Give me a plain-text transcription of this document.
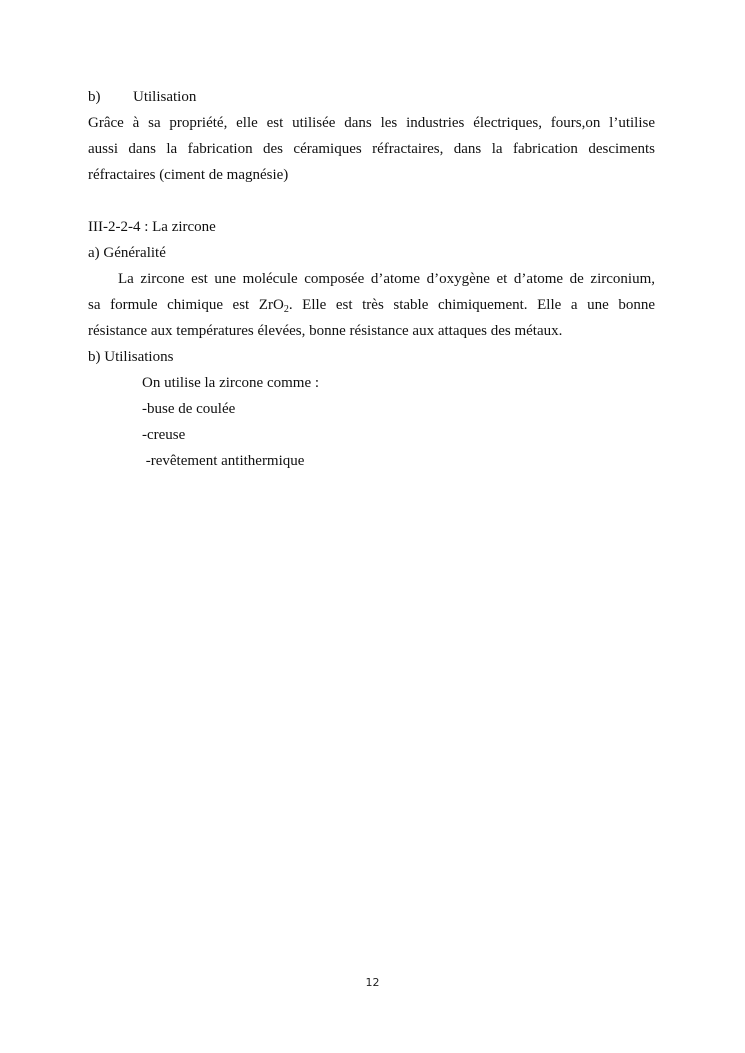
b) Utilisation
Grâce à sa propriété, elle est utilisée dans les industries électriques, fours,on l’utilise
aussi dans la fabrication des céramiques réfractaires, dans la fabrication desciments
réfractaires (ciment de magnésie)
III-2-2-4 : La zircone
a) Généralité
La zircone est une molécule composée d’atome d’oxygène et d’atome de zirconium,
sa formule chimique est ZrO$_2$. Elle est très stable chimiquement. Elle a une bonne
résistance aux températures élevées, bonne résistance aux attaques des métaux.
b) Utilisations
On utilise la zircone comme :
-buse de coulée
-creuse
-revêtement antithermique
12
